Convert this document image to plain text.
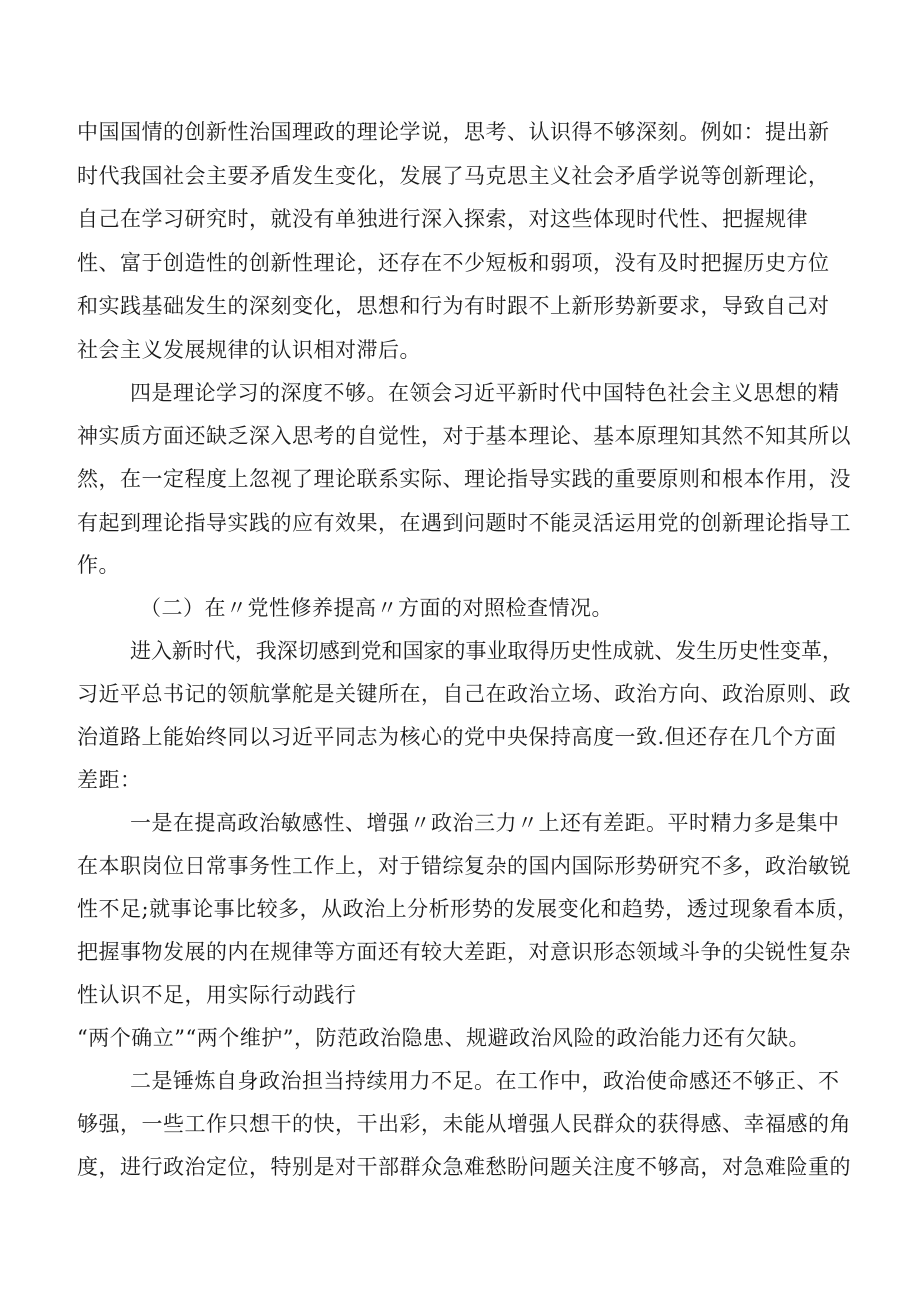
中国国情的创新性治国理政的理论学说，思考、认识得不够深刻。例如：提出新
时代我国社会主要矛盾发生变化，发展了马克思主义社会矛盾学说等创新理论，
自己在学习研究时，就没有单独进行深入探索，对这些体现时代性、把握规律
性、富于创造性的创新性理论，还存在不少短板和弱项，没有及时把握历史方位
和实践基础发生的深刻变化，思想和行为有时跟不上新形势新要求，导致自己对
社会主义发展规律的认识相对滞后。
四是理论学习的深度不够。在领会习近平新时代中国特色社会主义思想的精
神实质方面还缺乏深入思考的自觉性，对于基本理论、基本原理知其然不知其所以
然，在一定程度上忽视了理论联系实际、理论指导实践的重要原则和根本作用，没
有起到理论指导实践的应有效果，在遇到问题时不能灵活运用党的创新理论指导工
作。
（二）在〃党性修养提高〃方面的对照检查情况。
进入新时代，我深切感到党和国家的事业取得历史性成就、发生历史性变革，
习近平总书记的领航掌舵是关键所在，自己在政治立场、政治方向、政治原则、政
治道路上能始终同以习近平同志为核心的党中央保持高度一致.但还存在几个方面
差距：
一是在提高政治敏感性、增强〃政治三力〃上还有差距。平时精力多是集中
在本职岗位日常事务性工作上，对于错综复杂的国内国际形势研究不多，政治敏锐
性不足;就事论事比较多，从政治上分析形势的发展变化和趋势，透过现象看本质，
把握事物发展的内在规律等方面还有较大差距，对意识形态领域斗争的尖锐性复杂
性认识不足，用实际行动践行
“两个确立”“两个维护”，防范政治隐患、规避政治风险的政治能力还有欠缺。
二是锤炼自身政治担当持续用力不足。在工作中，政治使命感还不够正、不
够强，一些工作只想干的快，干出彩，未能从增强人民群众的获得感、幸福感的角
度，进行政治定位，特别是对干部群众急难愁盼问题关注度不够高，对急难险重的
